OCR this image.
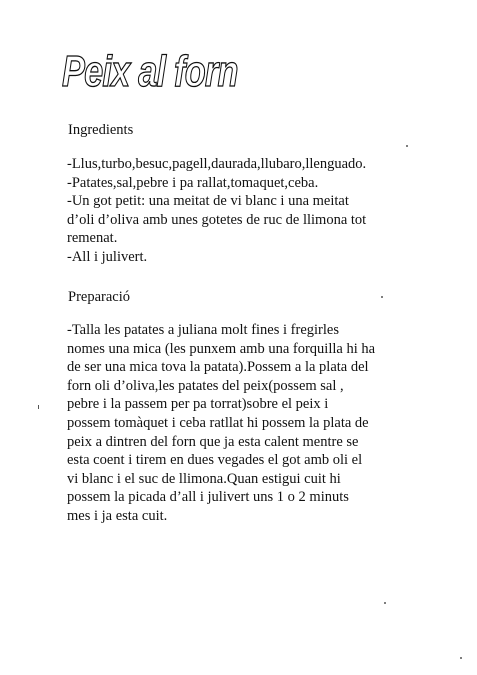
Peix al forn
Ingredients
-Llus,turbo,besuc,pagell,daurada,llubaro,llenguado.
-Patates,sal,pebre i pa rallat,tomaquet,ceba.
-Un got petit: una meitat de vi blanc i una meitat
d’oli d’oliva amb unes gotetes de ruc de llimona tot
remenat.
-All i julivert.
Preparació
-Talla les patates a juliana molt fines i fregirles
nomes una mica (les punxem amb una forquilla hi ha
de ser una mica tova la patata).Possem a la plata del
forn oli d’oliva,les patates del peix(possem sal ,
pebre i la passem per pa torrat)sobre el peix i
possem tomàquet i ceba ratllat hi possem la plata de
peix a dintren del forn que ja esta calent mentre se
esta coent i tirem en dues vegades el got amb oli el
vi blanc i el suc de llimona.Quan estigui cuit hi
possem la picada d’all i julivert uns 1 o 2 minuts
mes i ja esta cuit.
